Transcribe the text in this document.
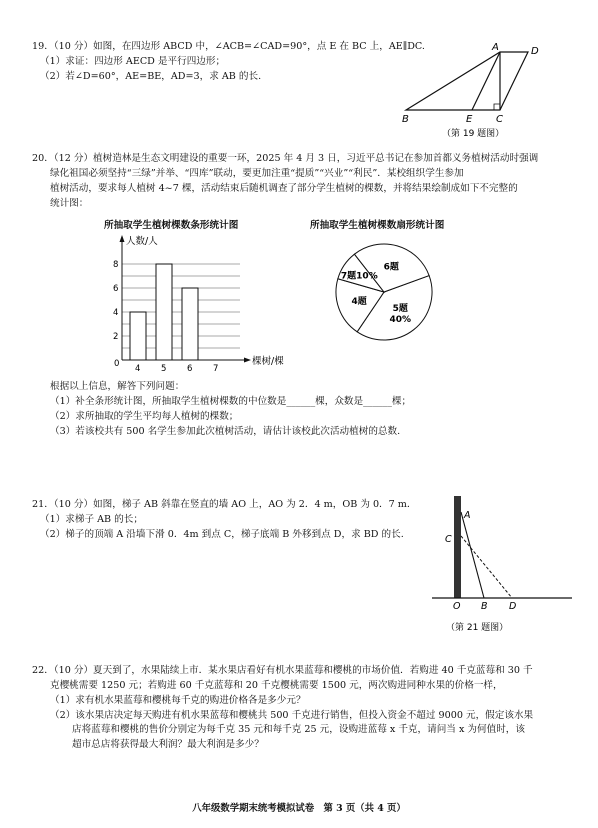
19．（10 分）如图，在四边形 ABCD 中，∠ACB=∠CAD=90°，点 E 在 BC 上，AE∥DC.

（1）求证：四边形 AECD 是平行四边形；

（2）若∠D=60°，AE=BE，AD=3，求 AB 的长.

A	D
B	E C
（第 19 题图）

20．（12 分）植树造林是生态文明建设的重要一环，2025 年 4 月 3 日，习近平总书记在参加首都义务植树活动时强调

绿化祖国必须坚持“三绿”并举、“四库”联动，要更加注重“提质”“兴业”“利民”．某校组织学生参加

植树活动，要求每人植树 4~7 棵，活动结束后随机调查了部分学生植树的棵数，并将结果绘制成如下不完整的

统计图：

所抽取学生植树棵数条形统计图	所抽取学生植树棵数扇形统计图
2
4
6
8
4 5 6 7
人数/人
棵树/棵
0
5题
40%
4题
7题10%
6题

根据以上信息，解答下列问题：

（1）补全条形统计图，所抽取学生植树棵数的中位数是______棵，众数是______棵；

（2）求所抽取的学生平均每人植树的棵数；

（3）若该校共有 500 名学生参加此次植树活动，请估计该校此次活动植树的总数.

21．（10 分）如图，梯子 AB 斜靠在竖直的墙 AO 上，AO 为 2．4 m，OB 为 0．7 m．

（1）求梯子 AB 的长；

（2）梯子的顶端 A 沿墙下滑 0．4m 到点 C，梯子底端 B 外移到点 D，求 BD 的长.

A
C
O B D
（第 21 题图）

22．（10 分）夏天到了，水果陆续上市．某水果店看好有机水果蓝莓和樱桃的市场价值．若购进 40 千克蓝莓和 30 千

克樱桃需要 1250 元；若购进 60 千克蓝莓和 20 千克樱桃需要 1500 元，两次购进同种水果的价格一样，

（1）求有机水果蓝莓和樱桃每千克的购进价格各是多少元？

（2）该水果店决定每天购进有机水果蓝莓和樱桃共 500 千克进行销售，但投入资金不超过 9000 元，假定该水果

店将蓝莓和樱桃的售价分别定为每千克 35 元和每千克 25 元，设购进蓝莓 x 千克，请问当 x 为何值时，该

超市总店将获得最大利润？最大利润是多少？

八年级数学期末统考模拟试卷　第 3 页（共 4 页）
